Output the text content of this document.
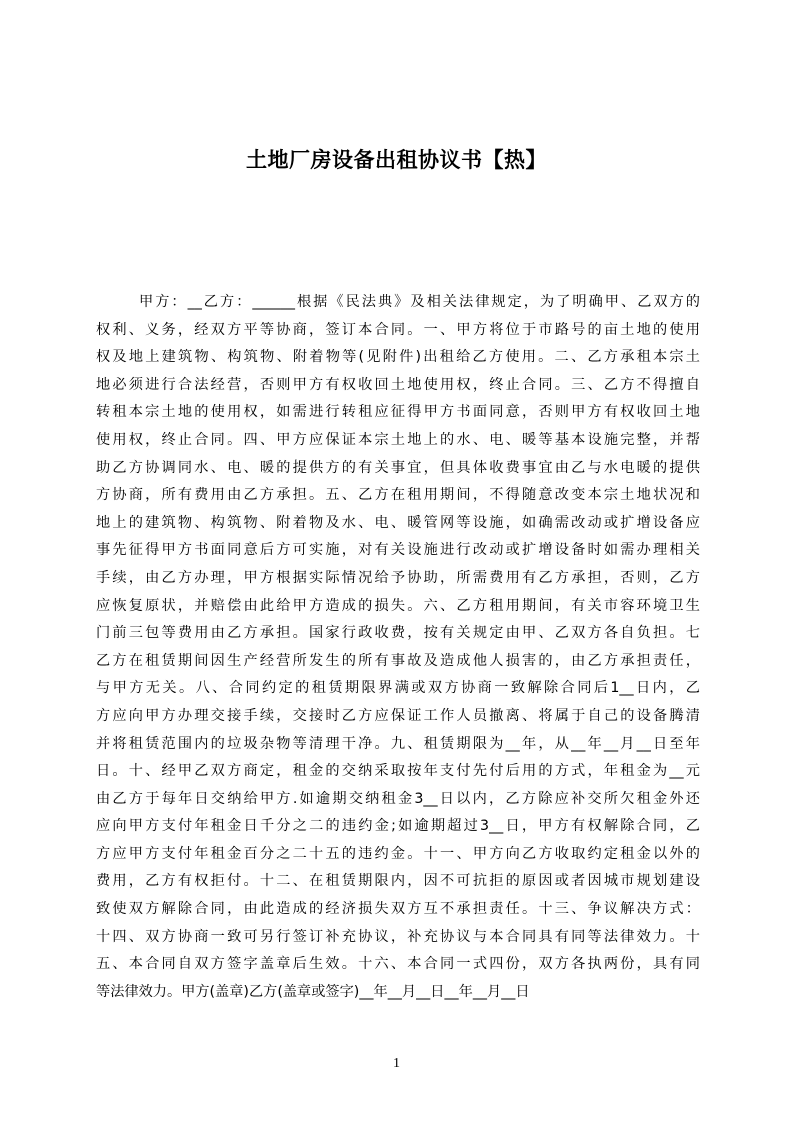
土地厂房设备出租协议书【热】
甲方：__乙方：______根据《民法典》及相关法律规定，为了明确甲、乙双方的
权利、义务，经双方平等协商，签订本合同。一、甲方将位于市路号的亩土地的使用
权及地上建筑物、构筑物、附着物等(见附件)出租给乙方使用。二、乙方承租本宗土
地必须进行合法经营，否则甲方有权收回土地使用权，终止合同。三、乙方不得擅自
转租本宗土地的使用权，如需进行转租应征得甲方书面同意，否则甲方有权收回土地
使用权，终止合同。四、甲方应保证本宗土地上的水、电、暖等基本设施完整，并帮
助乙方协调同水、电、暖的提供方的有关事宜，但具体收费事宜由乙与水电暖的提供
方协商，所有费用由乙方承担。五、乙方在租用期间，不得随意改变本宗土地状况和
地上的建筑物、构筑物、附着物及水、电、暖管网等设施，如确需改动或扩增设备应
事先征得甲方书面同意后方可实施，对有关设施进行改动或扩增设备时如需办理相关
手续，由乙方办理，甲方根据实际情况给予协助，所需费用有乙方承担，否则，乙方
应恢复原状，并赔偿由此给甲方造成的损失。六、乙方租用期间，有关市容环境卫生
门前三包等费用由乙方承担。国家行政收费，按有关规定由甲、乙双方各自负担。七
乙方在租赁期间因生产经营所发生的所有事故及造成他人损害的，由乙方承担责任，
与甲方无关。八、合同约定的租赁期限界满或双方协商一致解除合同后1__日内，乙
方应向甲方办理交接手续，交接时乙方应保证工作人员撤离、将属于自己的设备腾清
并将租赁范围内的垃圾杂物等清理干净。九、租赁期限为__年，从__年__月__日至年
日。十、经甲乙双方商定，租金的交纳采取按年支付先付后用的方式，年租金为__元
由乙方于每年日交纳给甲方.如逾期交纳租金3__日以内，乙方除应补交所欠租金外还
应向甲方支付年租金日千分之二的违约金;如逾期超过3__日，甲方有权解除合同，乙
方应甲方支付年租金百分之二十五的违约金。十一、甲方向乙方收取约定租金以外的
费用，乙方有权拒付。十二、在租赁期限内，因不可抗拒的原因或者因城市规划建设
致使双方解除合同，由此造成的经济损失双方互不承担责任。十三、争议解决方式：
十四、双方协商一致可另行签订补充协议，补充协议与本合同具有同等法律效力。十
五、本合同自双方签字盖章后生效。十六、本合同一式四份，双方各执两份，具有同
等法律效力。甲方(盖章)乙方(盖章或签字)__年__月__日__年__月__日
1
